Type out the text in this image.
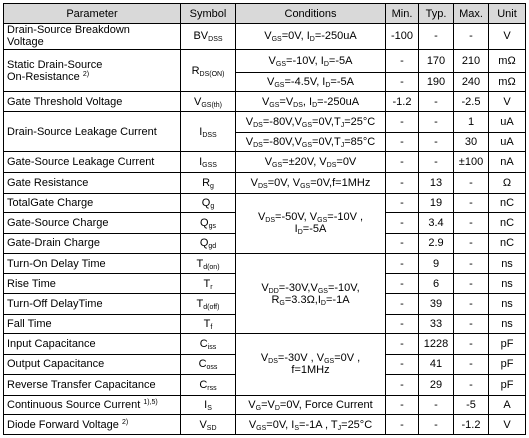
Parameter	Symbol	Conditions	Min.	Typ.	Max.	Unit
Drain-Source Breakdown
Voltage	$BV_{DSS}$	$V_{GS}=0V$, $I_D=-250uA$	-100	-	-	V
Static Drain-Source
On-Resistance $^{2)}$	$R_{DS(ON)}$	$V_{GS}=-10V$, $I_D=-5A$	-	170	210	mΩ
		$V_{GS}=-4.5V$, $I_D=-5A$	-	190	240	mΩ
Gate Threshold Voltage	$V_{GS(th)}$	$V_{GS}=V_{DS}$, $I_D=-250uA$	-1.2	-	-2.5	V
Drain-Source Leakage Current	$I_{DSS}$	$V_{DS}=-80V,V_{GS}=0V,T_J=25^\circ C$	-	-	1	uA
		$V_{DS}=-80V,V_{GS}=0V,T_J=85^\circ C$	-	-	30	uA
Gate-Source Leakage Current	$I_{GSS}$	$V_{GS}=\pm 20V$, $V_{DS}=0V$	-	-	±100	nA
Gate Resistance	$R_g$	$V_{DS}=0V$, $V_{GS}=0V,f=1MHz$	-	13	-	Ω
TotalGate Charge	$Q_g$	$V_{DS}=-50V$, $V_{GS}=-10V$ ,
$I_D=-5A$	-	19	-	nC
Gate-Source Charge	$Q_{gs}$		-	3.4	-	nC
Gate-Drain Charge	$Q_{gd}$		-	2.9	-	nC
Turn-On Delay Time	$T_{d(on)}$	$V_{DD}=-30V,V_{GS}=-10V$,
$R_G=3.3\Omega,I_D=-1A$	-	9	-	ns
Rise Time	$T_r$		-	6	-	ns
Turn-Off DelayTime	$T_{d(off)}$		-	39	-	ns
Fall Time	$T_f$		-	33	-	ns
Input Capacitance	$C_{iss}$	$V_{DS}=-30V$ , $V_{GS}=0V$ ,
f=1MHz	-	1228	-	pF
Output Capacitance	$C_{oss}$		-	41	-	pF
Reverse Transfer Capacitance	$C_{rss}$		-	29	-	pF
Continuous Source Current $^{1),5)}$	$I_S$	$V_G=V_D=0V$, Force Current	-	-	-5	A
Diode Forward Voltage $^{2)}$	$V_{SD}$	$V_{GS}=0V$, $I_S=-1A$ , $T_J=25^\circ C$	-	-	-1.2	V
